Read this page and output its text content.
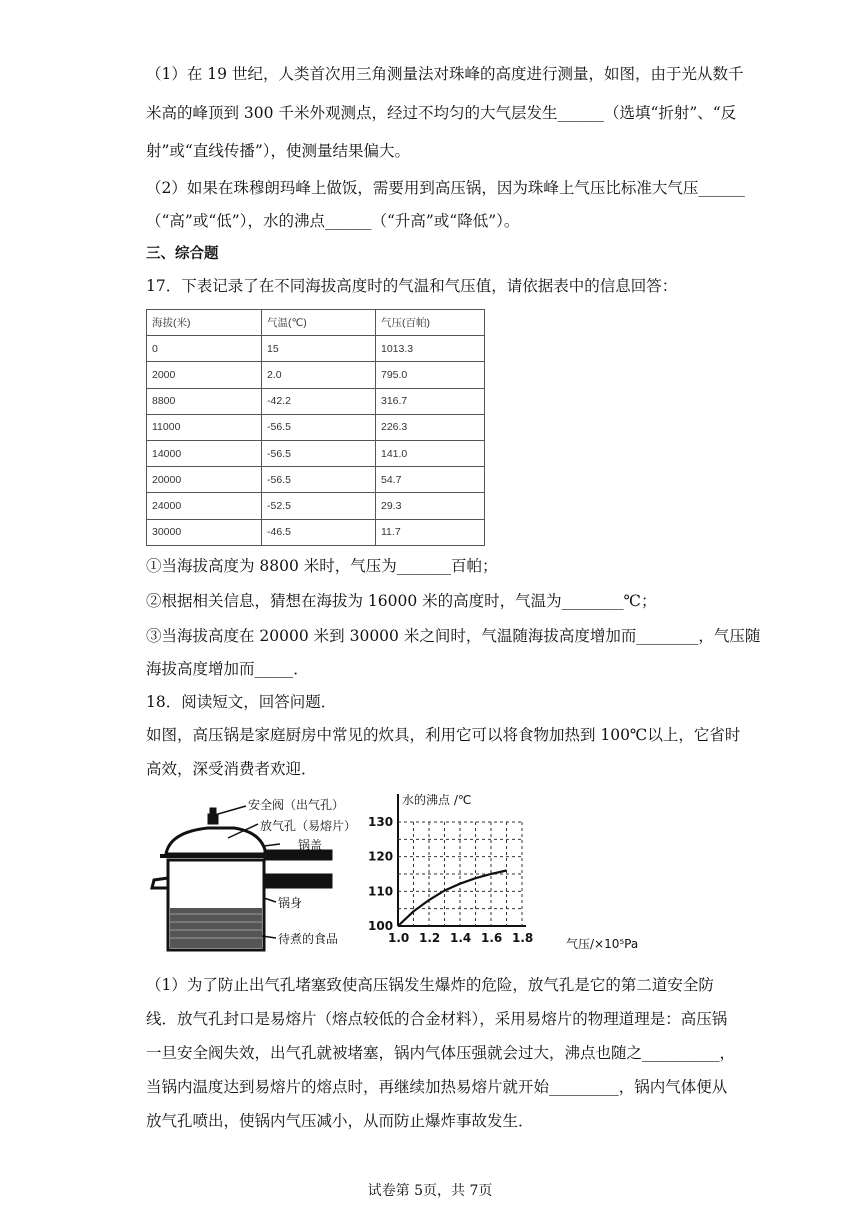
（1）在 19 世纪，人类首次用三角测量法对珠峰的高度进行测量，如图，由于光从数千
米高的峰顶到 300 千米外观测点，经过不均匀的大气层发生______（选填“折射”、“反
射”或“直线传播”），使测量结果偏大。
（2）如果在珠穆朗玛峰上做饭，需要用到高压锅，因为珠峰上气压比标准大气压______
（“高”或“低”），水的沸点______（“升高”或“降低”）。
三、综合题
17．下表记录了在不同海拔高度时的气温和气压值，请依据表中的信息回答：
海拔(米)	气温(℃)	气压(百帕)
0	15	1013.3
2000	2.0	795.0
8800	-42.2	316.7
11000	-56.5	226.3
14000	-56.5	141.0
20000	-56.5	54.7
24000	-52.5	29.3
30000	-46.5	11.7
①当海拔高度为 8800 米时，气压为_______百帕；
②根据相关信息，猜想在海拔为 16000 米的高度时，气温为________℃；
③当海拔高度在 20000 米到 30000 米之间时，气温随海拔高度增加而________，气压随
海拔高度增加而_____．
18．阅读短文，回答问题．
如图，高压锅是家庭厨房中常见的炊具，利用它可以将食物加热到 100℃以上，它省时
高效，深受消费者欢迎．
安全阀（出气孔）
放气孔（易熔片）
锅盖
锅身
待煮的食品	1.0 1.2 1.4 1.6 1.8
100
110
120
130
水的沸点 /℃
气压/×10⁵Pa
（1）为了防止出气孔堵塞致使高压锅发生爆炸的危险，放气孔是它的第二道安全防
线．放气孔封口是易熔片（熔点较低的合金材料），采用易熔片的物理道理是：高压锅
一旦安全阀失效，出气孔就被堵塞，锅内气体压强就会过大，沸点也随之__________，
当锅内温度达到易熔片的熔点时，再继续加热易熔片就开始_________，锅内气体便从
放气孔喷出，使锅内气压减小，从而防止爆炸事故发生．
试卷第 5页，共 7页
